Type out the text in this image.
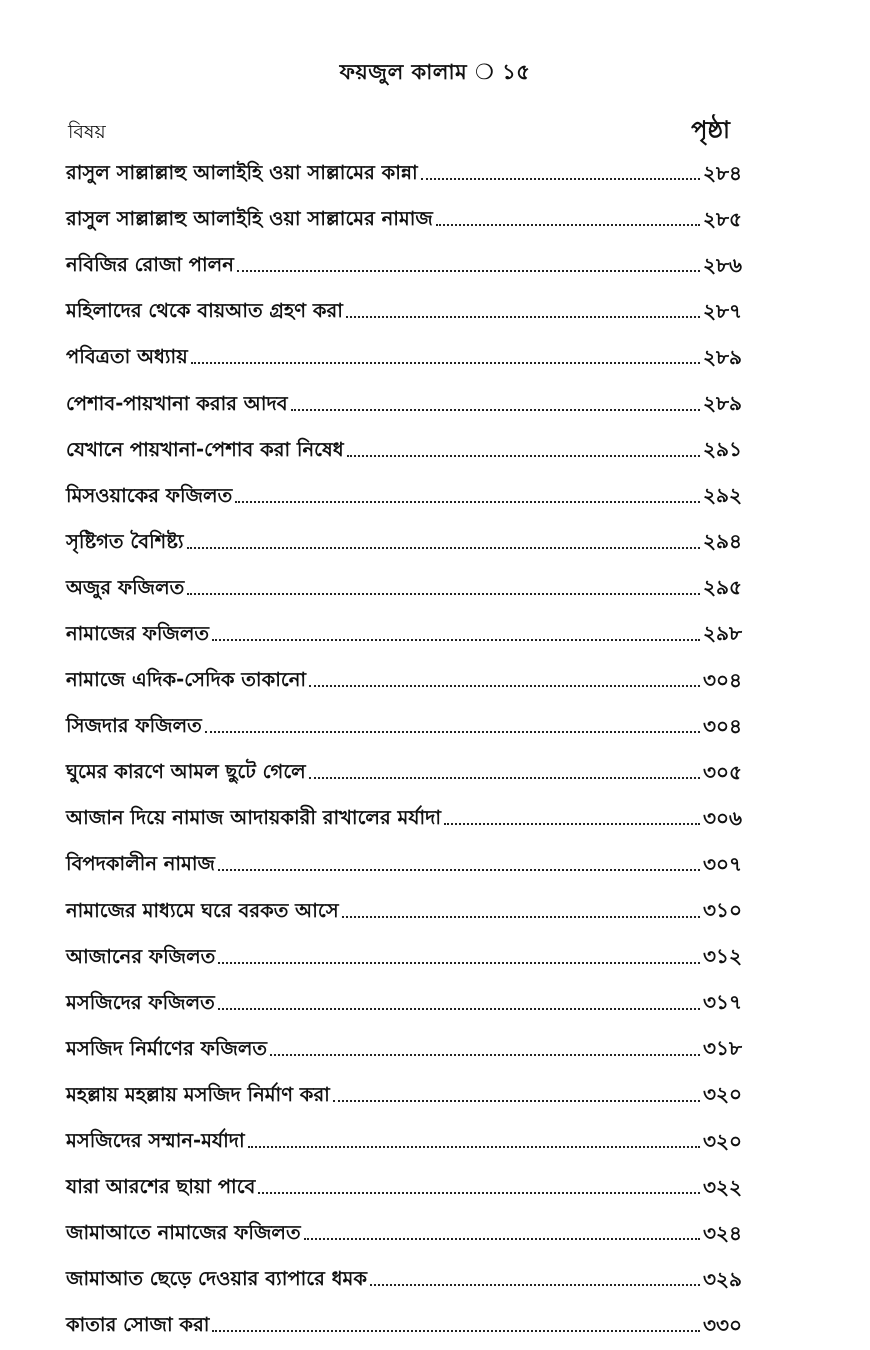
ফয়জুল কালাম ❍ ১৫
বিষয়	পৃষ্ঠা
রাসুল সাল্লাল্লাহু আলাইহি ওয়া সাল্লামের কান্না	২৮৪
রাসুল সাল্লাল্লাহু আলাইহি ওয়া সাল্লামের নামাজ	২৮৫
নবিজির রোজা পালন	২৮৬
মহিলাদের থেকে বায়আত গ্রহণ করা	২৮৭
পবিত্রতা অধ্যায়	২৮৯
পেশাব-পায়খানা করার আদব	২৮৯
যেখানে পায়খানা-পেশাব করা নিষেধ	২৯১
মিসওয়াকের ফজিলত	২৯২
সৃষ্টিগত বৈশিষ্ট্য	২৯৪
অজুর ফজিলত	২৯৫
নামাজের ফজিলত	২৯৮
নামাজে এদিক-সেদিক তাকানো	৩০৪
সিজদার ফজিলত	৩০৪
ঘুমের কারণে আমল ছুটে গেলে	৩০৫
আজান দিয়ে নামাজ আদায়কারী রাখালের মর্যাদা	৩০৬
বিপদকালীন নামাজ	৩০৭
নামাজের মাধ্যমে ঘরে বরকত আসে	৩১০
আজানের ফজিলত	৩১২
মসজিদের ফজিলত	৩১৭
মসজিদ নির্মাণের ফজিলত	৩১৮
মহল্লায় মহল্লায় মসজিদ নির্মাণ করা	৩২০
মসজিদের সম্মান-মর্যাদা	৩২০
যারা আরশের ছায়া পাবে	৩২২
জামাআতে নামাজের ফজিলত	৩২৪
জামাআত ছেড়ে দেওয়ার ব্যাপারে ধমক	৩২৯
কাতার সোজা করা	৩৩০
